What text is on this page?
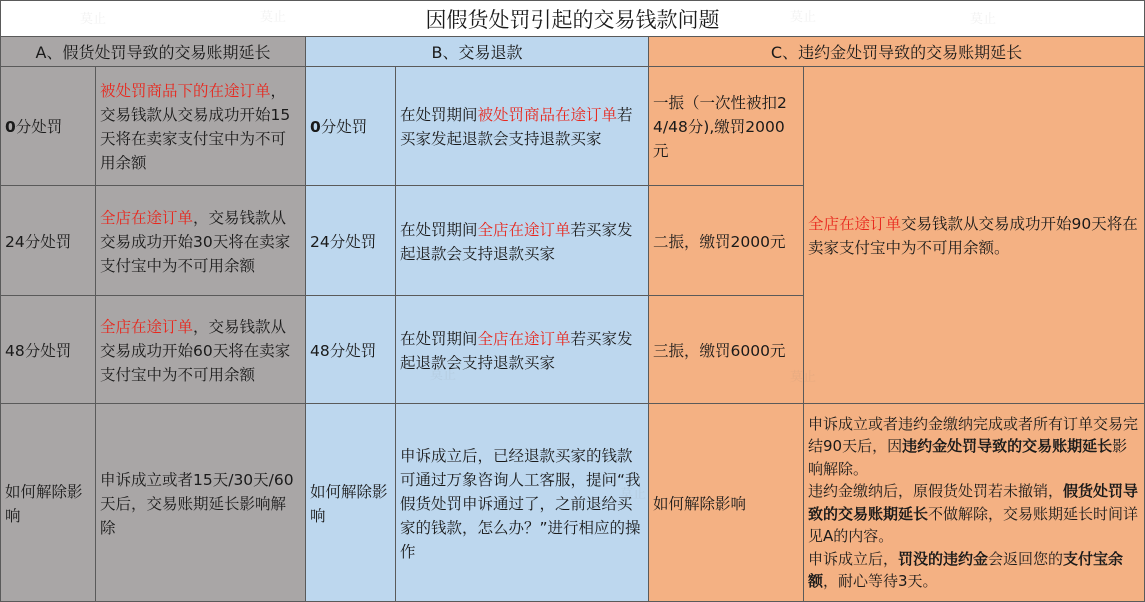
因假货处罚引起的交易钱款问题
A、假货处罚导致的交易账期延长	B、交易退款	C、违约金处罚导致的交易账期延长
0分处罚
被处罚商品下的在途订单，交易钱款从交易成功开始15天将在卖家支付宝中为不可用余额
0分处罚
在处罚期间被处罚商品在途订单若买家发起退款会支持退款买家
一振（一次性被扣24/48分),缴罚2000元
全店在途订单交易钱款从交易成功开始90天将在卖家支付宝中为不可用余额。
24分处罚
全店在途订单，交易钱款从交易成功开始30天将在卖家支付宝中为不可用余额
24分处罚
在处罚期间全店在途订单若买家发起退款会支持退款买家
二振，缴罚2000元
48分处罚
全店在途订单，交易钱款从交易成功开始60天将在卖家支付宝中为不可用余额
48分处罚
在处罚期间全店在途订单若买家发起退款会支持退款买家
三振，缴罚6000元
如何解除影响
申诉成立或者15天/30天/60天后，交易账期延长影响解除
如何解除影响
申诉成立后，已经退款买家的钱款可通过万象咨询人工客服，提问“我假货处罚申诉通过了，之前退给买家的钱款，怎么办？”进行相应的操作
如何解除影响
申诉成立或者违约金缴纳完成或者所有订单交易完结90天后，因违约金处罚导致的交易账期延长影响解除。
违约金缴纳后，原假货处罚若未撤销，假货处罚导致的交易账期延长不做解除，交易账期延长时间详见A的内容。
申诉成立后，罚没的违约金会返回您的支付宝余额，耐心等待3天。
